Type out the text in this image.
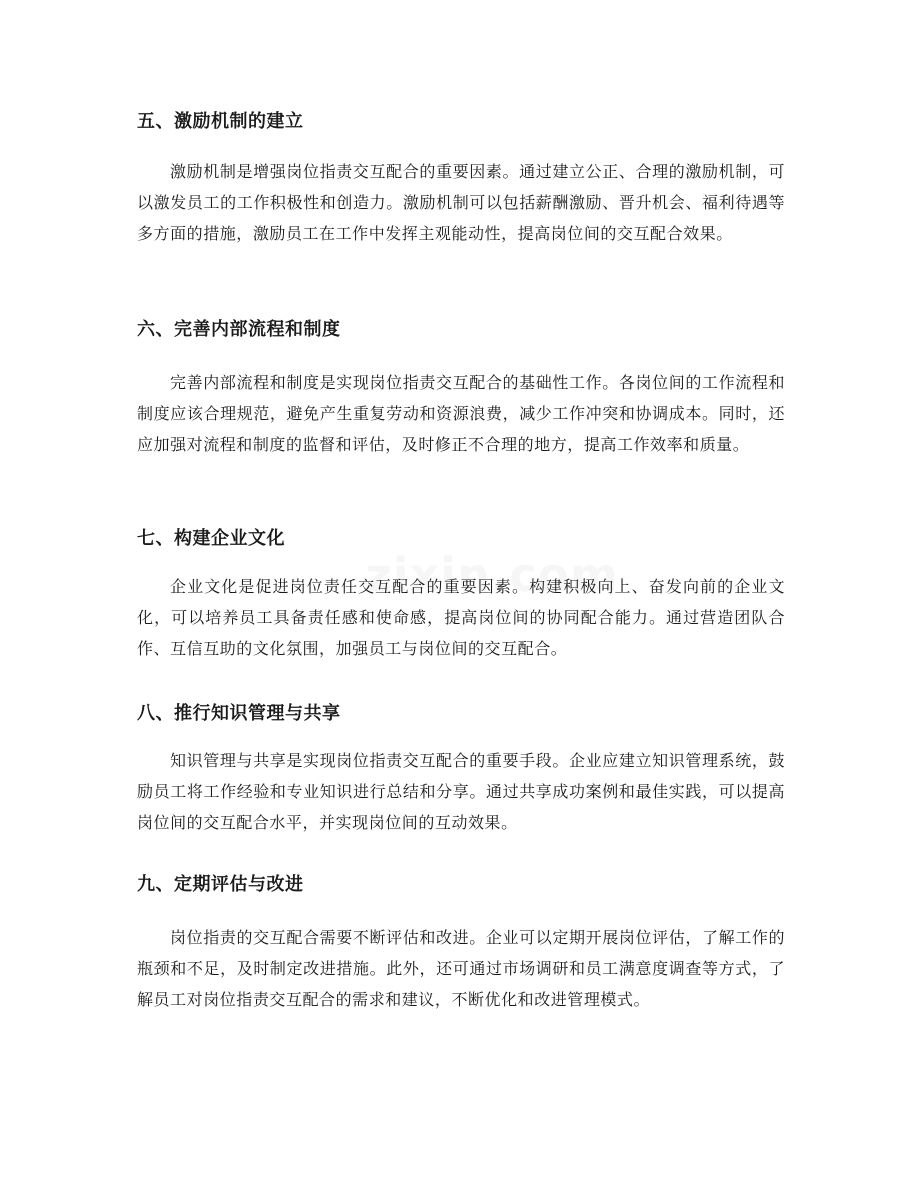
五、激励机制的建立

激励机制是增强岗位指责交互配合的重要因素。通过建立公正、合理的激励机制，可以激发员工的工作积极性和创造力。激励机制可以包括薪酬激励、晋升机会、福利待遇等多方面的措施，激励员工在工作中发挥主观能动性，提高岗位间的交互配合效果。

六、完善内部流程和制度

完善内部流程和制度是实现岗位指责交互配合的基础性工作。各岗位间的工作流程和制度应该合理规范，避免产生重复劳动和资源浪费，减少工作冲突和协调成本。同时，还应加强对流程和制度的监督和评估，及时修正不合理的地方，提高工作效率和质量。

七、构建企业文化

企业文化是促进岗位责任交互配合的重要因素。构建积极向上、奋发向前的企业文化，可以培养员工具备责任感和使命感，提高岗位间的协同配合能力。通过营造团队合作、互信互助的文化氛围，加强员工与岗位间的交互配合。

八、推行知识管理与共享

知识管理与共享是实现岗位指责交互配合的重要手段。企业应建立知识管理系统，鼓励员工将工作经验和专业知识进行总结和分享。通过共享成功案例和最佳实践，可以提高岗位间的交互配合水平，并实现岗位间的互动效果。

九、定期评估与改进

岗位指责的交互配合需要不断评估和改进。企业可以定期开展岗位评估，了解工作的瓶颈和不足，及时制定改进措施。此外，还可通过市场调研和员工满意度调查等方式，了解员工对岗位指责交互配合的需求和建议，不断优化和改进管理模式。
